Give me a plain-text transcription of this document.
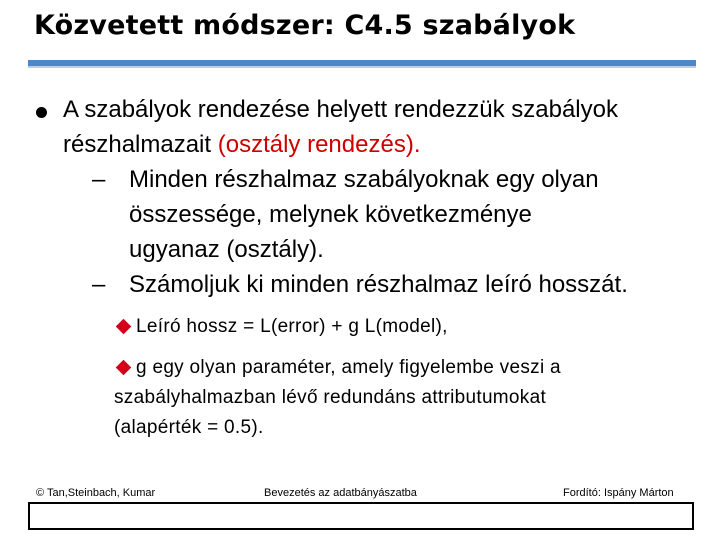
Közvetett módszer: C4.5 szabályok
A szabályok rendezése helyett rendezzük szabályok részhalmazait (osztály rendezés).
– Minden részhalmaz szabályoknak egy olyan
összessége, melynek következménye
ugyanaz (osztály).
– Számoljuk ki minden részhalmaz leíró hosszát.
Leíró hossz = L(error) + g L(model),
g egy olyan paraméter, amely figyelembe veszi a
szabályhalmazban lévő redundáns attributumokat
(alapérték = 0.5).
© Tan,Steinbach, Kumar	Bevezetés az adatbányászatba	Fordító: Ispány Márton
